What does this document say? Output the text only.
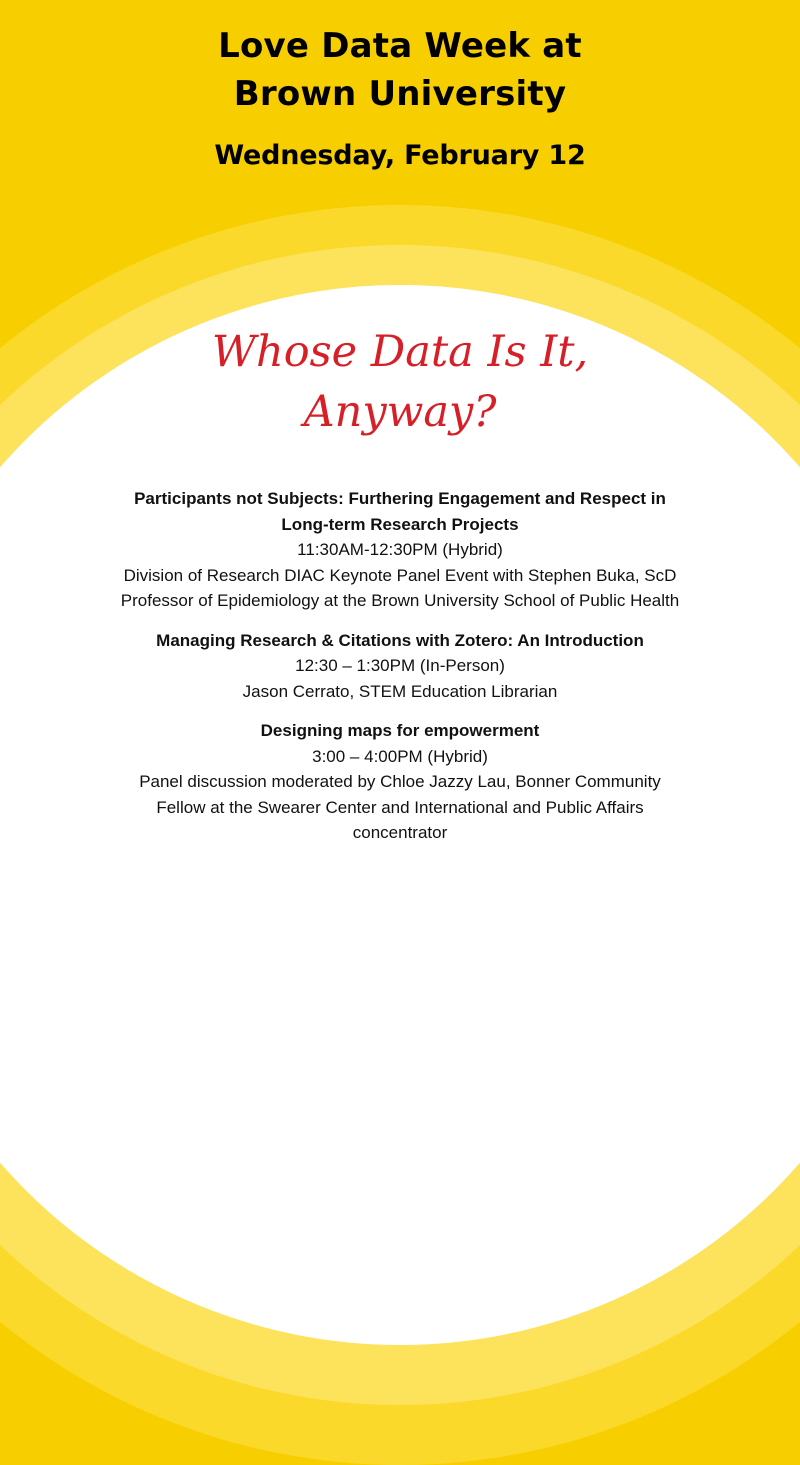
Love Data Week at
Brown University
Wednesday, February 12
Whose Data Is It,
Anyway?
Participants not Subjects: Furthering Engagement and Respect in
Long-term Research Projects
11:30AM-12:30PM (Hybrid)
Division of Research DIAC Keynote Panel Event with Stephen Buka, ScD
Professor of Epidemiology at the Brown University School of Public Health
Managing Research & Citations with Zotero: An Introduction
12:30 – 1:30PM (In-Person)
Jason Cerrato, STEM Education Librarian
Designing maps for empowerment
3:00 – 4:00PM (Hybrid)
Panel discussion moderated by Chloe Jazzy Lau, Bonner Community
Fellow at the Swearer Center and International and Public Affairs
concentrator
